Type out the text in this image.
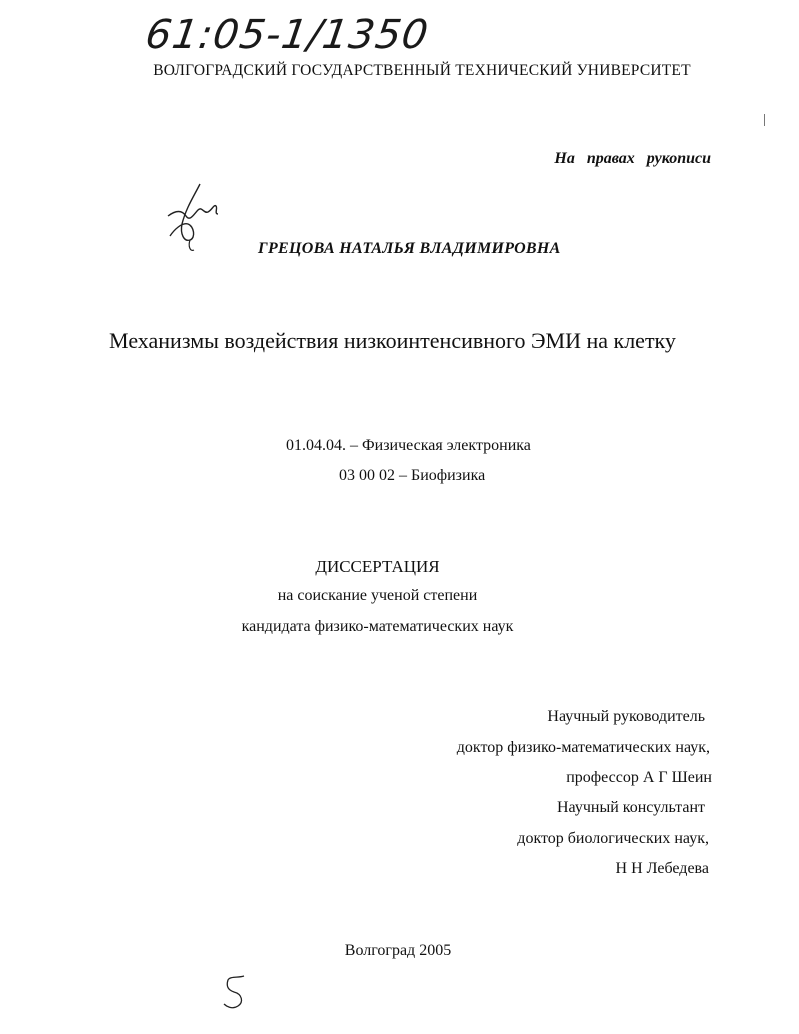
61:05-1/1350
ВОЛГОГРАДСКИЙ ГОСУДАРСТВЕННЫЙ ТЕХНИЧЕСКИЙ УНИВЕРСИТЕТ
На правах рукописи
ГРЕЦОВА НАТАЛЬЯ ВЛАДИМИРОВНА
Механизмы воздействия низкоинтенсивного ЭМИ на клетку
01.04.04. – Физическая электроника
03 00 02 – Биофизика
ДИССЕРТАЦИЯ
на соискание ученой степени
кандидата физико-математических наук
Научный руководитель
доктор физико-математических наук,
профессор А Г Шеин
Научный консультант
доктор биологических наук,
Н Н Лебедева
Волгоград 2005
